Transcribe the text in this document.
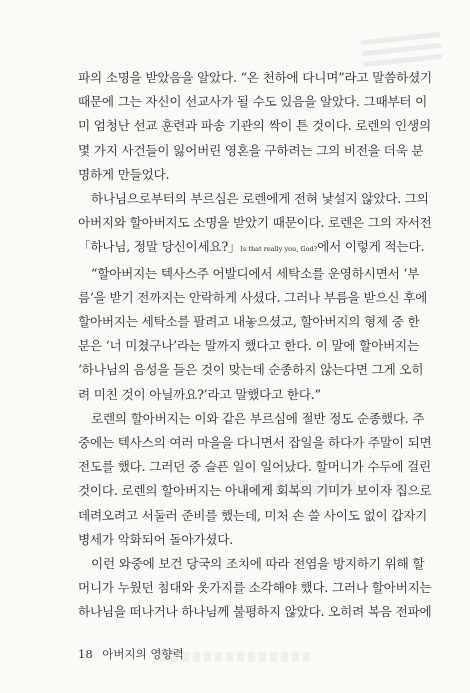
파의 소명을 받았음을 알았다. “온 천하에 다니며”라고 말씀하셨기
때문에 그는 자신이 선교사가 될 수도 있음을 알았다. 그때부터 이
미 엄청난 선교 훈련과 파송 기관의 싹이 튼 것이다. 로렌의 인생의
몇 가지 사건들이 잃어버린 영혼을 구하려는 그의 비전을 더욱 분
명하게 만들었다.

하나님으로부터의 부르심은 로렌에게 전혀 낯설지 않았다. 그의
아버지와 할아버지도 소명을 받았기 때문이다. 로렌은 그의 자서전
「하나님, 정말 당신이세요?」Is that really you, God?에서 이렇게 적는다.

“할아버지는 텍사스주 어발디에서 세탁소를 운영하시면서 ‘부
름’을 받기 전까지는 안락하게 사셨다. 그러나 부름을 받으신 후에
할아버지는 세탁소를 팔려고 내놓으셨고, 할아버지의 형제 중 한
분은 ‘너 미쳤구나’라는 말까지 했다고 한다. 이 말에 할아버지는
‘하나님의 음성을 들은 것이 맞는데 순종하지 않는다면 그게 오히
려 미친 것이 아닐까요?’라고 말했다고 한다.”

로렌의 할아버지는 이와 같은 부르심에 절반 정도 순종했다. 주
중에는 텍사스의 여러 마을을 다니면서 잡일을 하다가 주말이 되면
전도를 했다. 그러던 중 슬픈 일이 일어났다. 할머니가 수두에 걸린
것이다. 로렌의 할아버지는 아내에게 회복의 기미가 보이자 집으로
데려오려고 서둘러 준비를 했는데, 미처 손 쓸 사이도 없이 갑자기
병세가 악화되어 돌아가셨다.

이런 와중에 보건 당국의 조치에 따라 전염을 방지하기 위해 할
머니가 누웠던 침대와 옷가지를 소각해야 했다. 그러나 할아버지는
하나님을 떠나거나 하나님께 불평하지 않았다. 오히려 복음 전파에

18 아버지의 영향력
